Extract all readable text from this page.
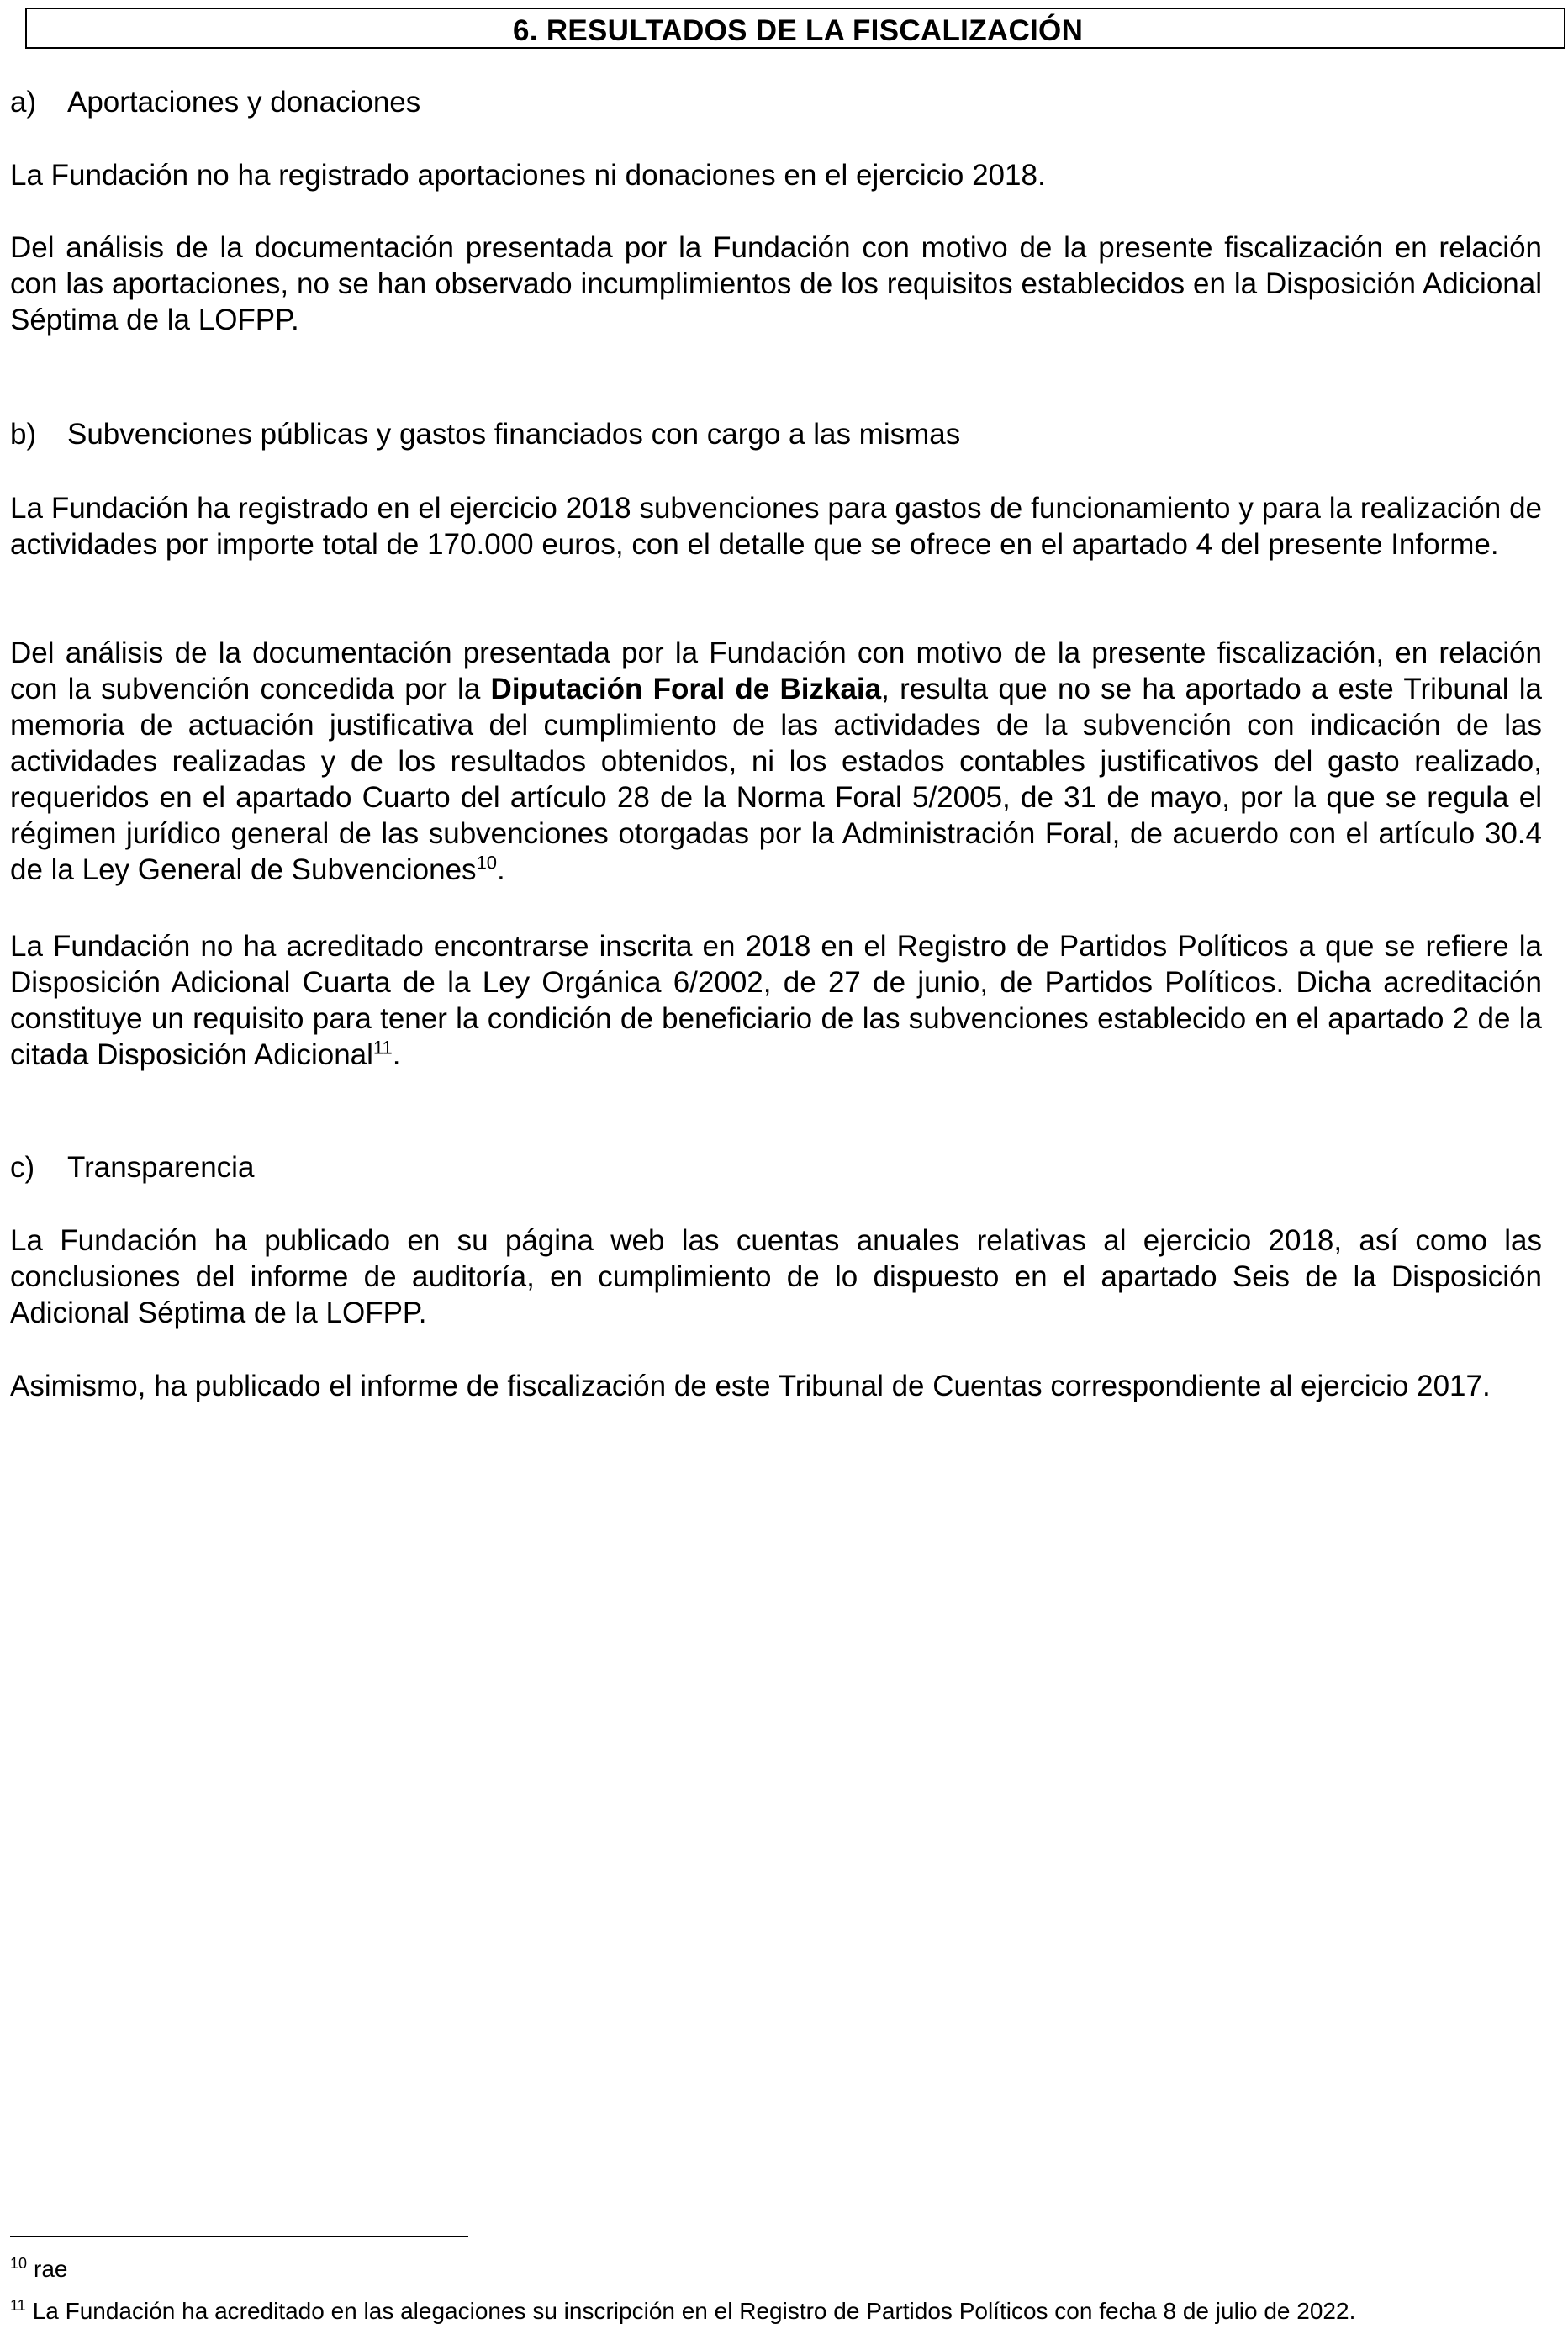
6. RESULTADOS DE LA FISCALIZACIÓN
a) Aportaciones y donaciones

La Fundación no ha registrado aportaciones ni donaciones en el ejercicio 2018.

Del análisis de la documentación presentada por la Fundación con motivo de la presente fiscalización en relación con las aportaciones, no se han observado incumplimientos de los requisitos establecidos en la Disposición Adicional Séptima de la LOFPP.

b) Subvenciones públicas y gastos financiados con cargo a las mismas

La Fundación ha registrado en el ejercicio 2018 subvenciones para gastos de funcionamiento y para la realización de actividades por importe total de 170.000 euros, con el detalle que se ofrece en el apartado 4 del presente Informe.

Del análisis de la documentación presentada por la Fundación con motivo de la presente fiscalización, en relación con la subvención concedida por la Diputación Foral de Bizkaia, resulta que no se ha aportado a este Tribunal la memoria de actuación justificativa del cumplimiento de las actividades de la subvención con indicación de las actividades realizadas y de los resultados obtenidos, ni los estados contables justificativos del gasto realizado, requeridos en el apartado Cuarto del artículo 28 de la Norma Foral 5/2005, de 31 de mayo, por la que se regula el régimen jurídico general de las subvenciones otorgadas por la Administración Foral, de acuerdo con el artículo 30.4 de la Ley General de Subvenciones$^{10}$.

La Fundación no ha acreditado encontrarse inscrita en 2018 en el Registro de Partidos Políticos a que se refiere la Disposición Adicional Cuarta de la Ley Orgánica 6/2002, de 27 de junio, de Partidos Políticos. Dicha acreditación constituye un requisito para tener la condición de beneficiario de las subvenciones establecido en el apartado 2 de la citada Disposición Adicional$^{11}$.

c) Transparencia

La Fundación ha publicado en su página web las cuentas anuales relativas al ejercicio 2018, así como las conclusiones del informe de auditoría, en cumplimiento de lo dispuesto en el apartado Seis de la Disposición Adicional Séptima de la LOFPP.

Asimismo, ha publicado el informe de fiscalización de este Tribunal de Cuentas correspondiente al ejercicio 2017.

$^{10}$ rae
$^{11}$ La Fundación ha acreditado en las alegaciones su inscripción en el Registro de Partidos Políticos con fecha 8 de julio de 2022.
